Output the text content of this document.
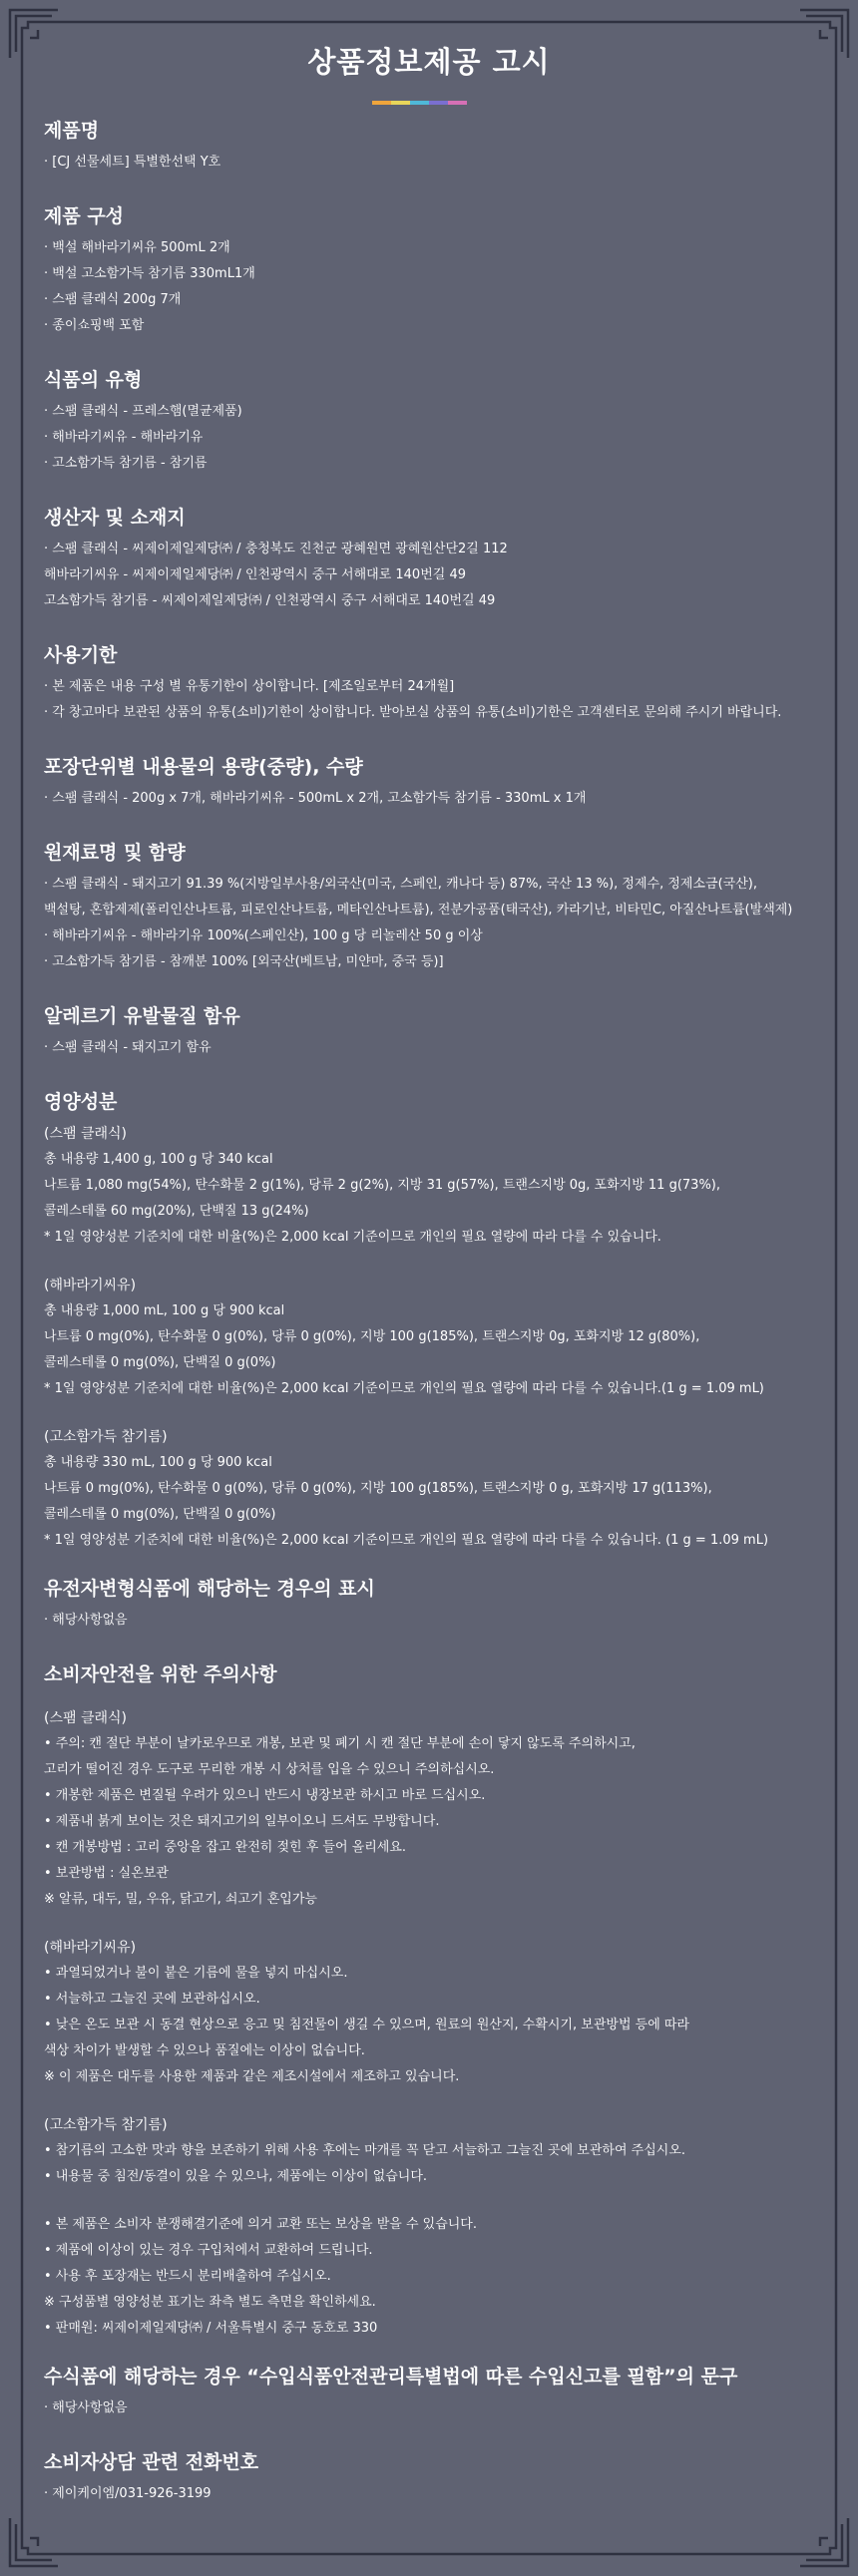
상품정보제공 고시

제품명

· [CJ 선물세트] 특별한선택 Y호

제품 구성

· 백설 해바라기씨유 500mL 2개

· 백설 고소함가득 참기름 330mL1개

· 스팸 클래식 200g 7개

· 종이쇼핑백 포함

식품의 유형

· 스팸 클래식 - 프레스햄(멸균제품)

· 해바라기씨유 - 해바라기유

· 고소함가득 참기름 - 참기름

생산자 및 소재지

· 스팸 클래식 - 씨제이제일제당㈜ / 충청북도 진천군 광혜원면 광혜원산단2길 112

해바라기씨유 - 씨제이제일제당㈜ / 인천광역시 중구 서해대로 140번길 49

고소함가득 참기름 - 씨제이제일제당㈜ / 인천광역시 중구 서해대로 140번길 49

사용기한

· 본 제품은 내용 구성 별 유통기한이 상이합니다. [제조일로부터 24개월]

· 각 창고마다 보관된 상품의 유통(소비)기한이 상이합니다. 받아보실 상품의 유통(소비)기한은 고객센터로 문의해 주시기 바랍니다.

포장단위별 내용물의 용량(중량), 수량

· 스팸 클래식 - 200g x 7개, 해바라기씨유 - 500mL x 2개, 고소함가득 참기름 - 330mL x 1개

원재료명 및 함량

· 스팸 클래식 - 돼지고기 91.39 %(지방일부사용/외국산(미국, 스페인, 캐나다 등) 87%, 국산 13 %), 정제수, 정제소금(국산),

백설탕, 혼합제제(폴리인산나트륨, 피로인산나트륨, 메타인산나트륨), 전분가공품(태국산), 카라기난, 비타민C, 아질산나트륨(발색제)

· 해바라기씨유 - 해바라기유 100%(스페인산), 100 g 당 리놀레산 50 g 이상

· 고소함가득 참기름 - 참깨분 100% [외국산(베트남, 미얀마, 중국 등)]

알레르기 유발물질 함유

· 스팸 클래식 - 돼지고기 함유

영양성분

(스팸 클래식)

총 내용량 1,400 g, 100 g 당 340 kcal

나트륨 1,080 mg(54%), 탄수화물 2 g(1%), 당류 2 g(2%), 지방 31 g(57%), 트랜스지방 0g, 포화지방 11 g(73%),

콜레스테롤 60 mg(20%), 단백질 13 g(24%)

* 1일 영양성분 기준치에 대한 비율(%)은 2,000 kcal 기준이므로 개인의 필요 열량에 따라 다를 수 있습니다.

(해바라기씨유)

총 내용량 1,000 mL, 100 g 당 900 kcal

나트륨 0 mg(0%), 탄수화물 0 g(0%), 당류 0 g(0%), 지방 100 g(185%), 트랜스지방 0g, 포화지방 12 g(80%),

콜레스테롤 0 mg(0%), 단백질 0 g(0%)

* 1일 영양성분 기준치에 대한 비율(%)은 2,000 kcal 기준이므로 개인의 필요 열량에 따라 다를 수 있습니다.(1 g = 1.09 mL)

(고소함가득 참기름)

총 내용량 330 mL, 100 g 당 900 kcal

나트륨 0 mg(0%), 탄수화물 0 g(0%), 당류 0 g(0%), 지방 100 g(185%), 트랜스지방 0 g, 포화지방 17 g(113%),

콜레스테롤 0 mg(0%), 단백질 0 g(0%)

* 1일 영양성분 기준치에 대한 비율(%)은 2,000 kcal 기준이므로 개인의 필요 열량에 따라 다를 수 있습니다. (1 g = 1.09 mL)

유전자변형식품에 해당하는 경우의 표시

· 해당사항없음

소비자안전을 위한 주의사항

(스팸 클래식)

• 주의: 캔 절단 부분이 날카로우므로 개봉, 보관 및 폐기 시 캔 절단 부분에 손이 닿지 않도록 주의하시고,

고리가 떨어진 경우 도구로 무리한 개봉 시 상처를 입을 수 있으니 주의하십시오.

• 개봉한 제품은 변질될 우려가 있으니 반드시 냉장보관 하시고 바로 드십시오.

• 제품내 붉게 보이는 것은 돼지고기의 일부이오니 드셔도 무방합니다.

• 캔 개봉방법 : 고리 중앙을 잡고 완전히 젖힌 후 들어 올리세요.

• 보관방법 : 실온보관

※ 알류, 대두, 밀, 우유, 닭고기, 쇠고기 혼입가능

(해바라기씨유)

• 과열되었거나 불이 붙은 기름에 물을 넣지 마십시오.

• 서늘하고 그늘진 곳에 보관하십시오.

• 낮은 온도 보관 시 동결 현상으로 응고 및 침전물이 생길 수 있으며, 원료의 원산지, 수확시기, 보관방법 등에 따라

색상 차이가 발생할 수 있으나 품질에는 이상이 없습니다.

※ 이 제품은 대두를 사용한 제품과 같은 제조시설에서 제조하고 있습니다.

(고소함가득 참기름)

• 참기름의 고소한 맛과 향을 보존하기 위해 사용 후에는 마개를 꼭 닫고 서늘하고 그늘진 곳에 보관하여 주십시오.

• 내용물 중 침전/동결이 있을 수 있으나, 제품에는 이상이 없습니다.

• 본 제품은 소비자 분쟁해결기준에 의거 교환 또는 보상을 받을 수 있습니다.

• 제품에 이상이 있는 경우 구입처에서 교환하여 드립니다.

• 사용 후 포장재는 반드시 분리배출하여 주십시오.

※ 구성품별 영양성분 표기는 좌측 별도 측면을 확인하세요.

• 판매원: 씨제이제일제당㈜ / 서울특별시 중구 동호로 330

수식품에 해당하는 경우 “수입식품안전관리특별법에 따른 수입신고를 필함”의 문구

· 해당사항없음

소비자상담 관련 전화번호

· 제이케이엠/031-926-3199
